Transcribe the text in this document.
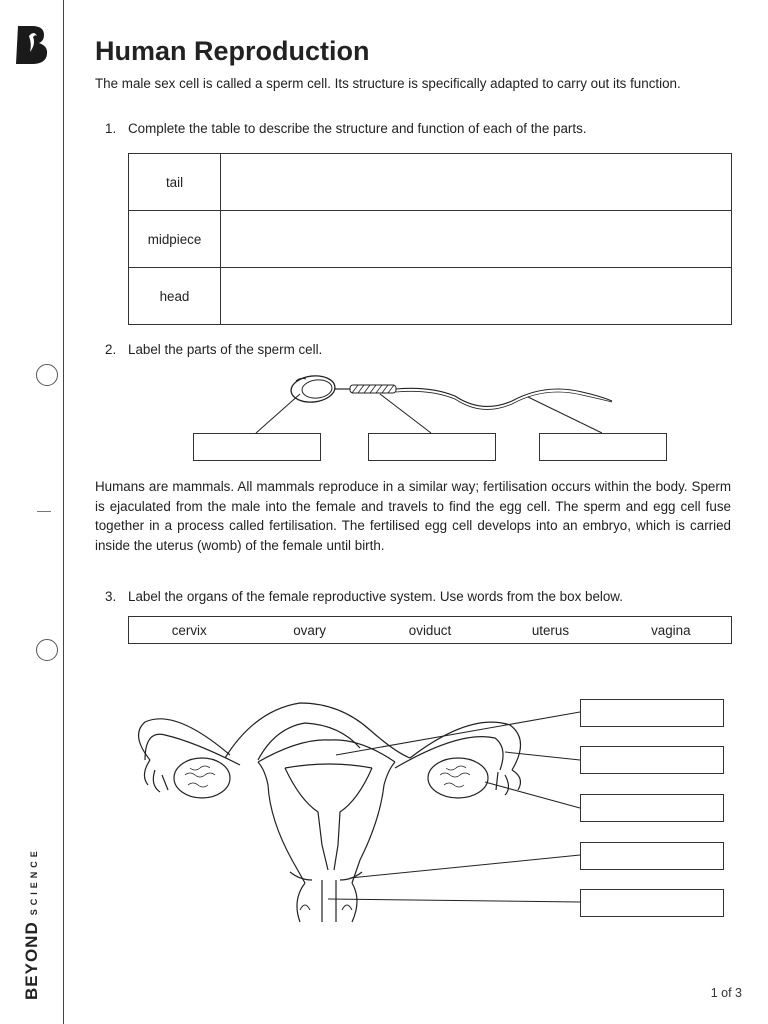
BEYONDSCIENCE
Human Reproduction
The male sex cell is called a sperm cell. Its structure is specifically adapted to carry out its function.
1. Complete the table to describe the structure and function of each of the parts.
tail	
midpiece	
head	
2. Label the parts of the sperm cell.
Humans are mammals. All mammals reproduce in a similar way; fertilisation occurs within the body. Sperm is ejaculated from the male into the female and travels to find the egg cell. The sperm and egg cell fuse together in a process called fertilisation. The fertilised egg cell develops into an embryo, which is carried inside the uterus (womb) of the female until birth.
3. Label the organs of the female reproductive system. Use words from the box below.
cervix	ovary	oviduct	uterus	vagina
1 of 3
